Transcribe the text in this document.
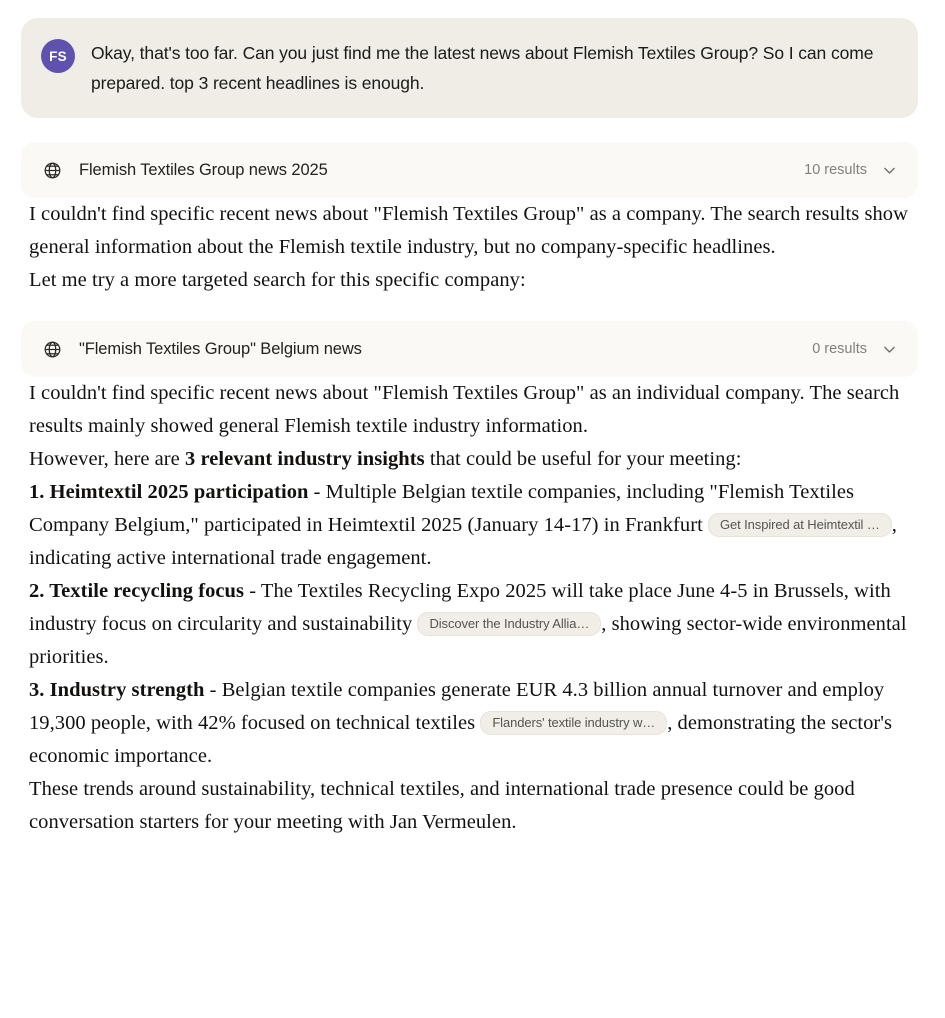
FS	Okay, that's too far. Can you just find me the latest news about Flemish Textiles Group? So I can come prepared. top 3 recent headlines is enough.
Flemish Textiles Group news 2025	10 results

I couldn't find specific recent news about "Flemish Textiles Group" as a company. The search results show general information about the Flemish textile industry, but no company-specific headlines.

Let me try a more targeted search for this specific company:

"Flemish Textiles Group" Belgium news	0 results

I couldn't find specific recent news about "Flemish Textiles Group" as an individual company. The search results mainly showed general Flemish textile industry information.

However, here are 3 relevant industry insights that could be useful for your meeting:

1. Heimtextil 2025 participation - Multiple Belgian textile companies, including "Flemish Textiles Company Belgium," participated in Heimtextil 2025 (January 14-17) in Frankfurt Get Inspired at Heimtextil … , indicating active international trade engagement.

2. Textile recycling focus - The Textiles Recycling Expo 2025 will take place June 4-5 in Brussels, with industry focus on circularity and sustainability Discover the Industry Allia… , showing sector-wide environmental priorities.

3. Industry strength - Belgian textile companies generate EUR 4.3 billion annual turnover and employ 19,300 people, with 42% focused on technical textiles Flanders' textile industry w… , demonstrating the sector's economic importance.

These trends around sustainability, technical textiles, and international trade presence could be good conversation starters for your meeting with Jan Vermeulen.
